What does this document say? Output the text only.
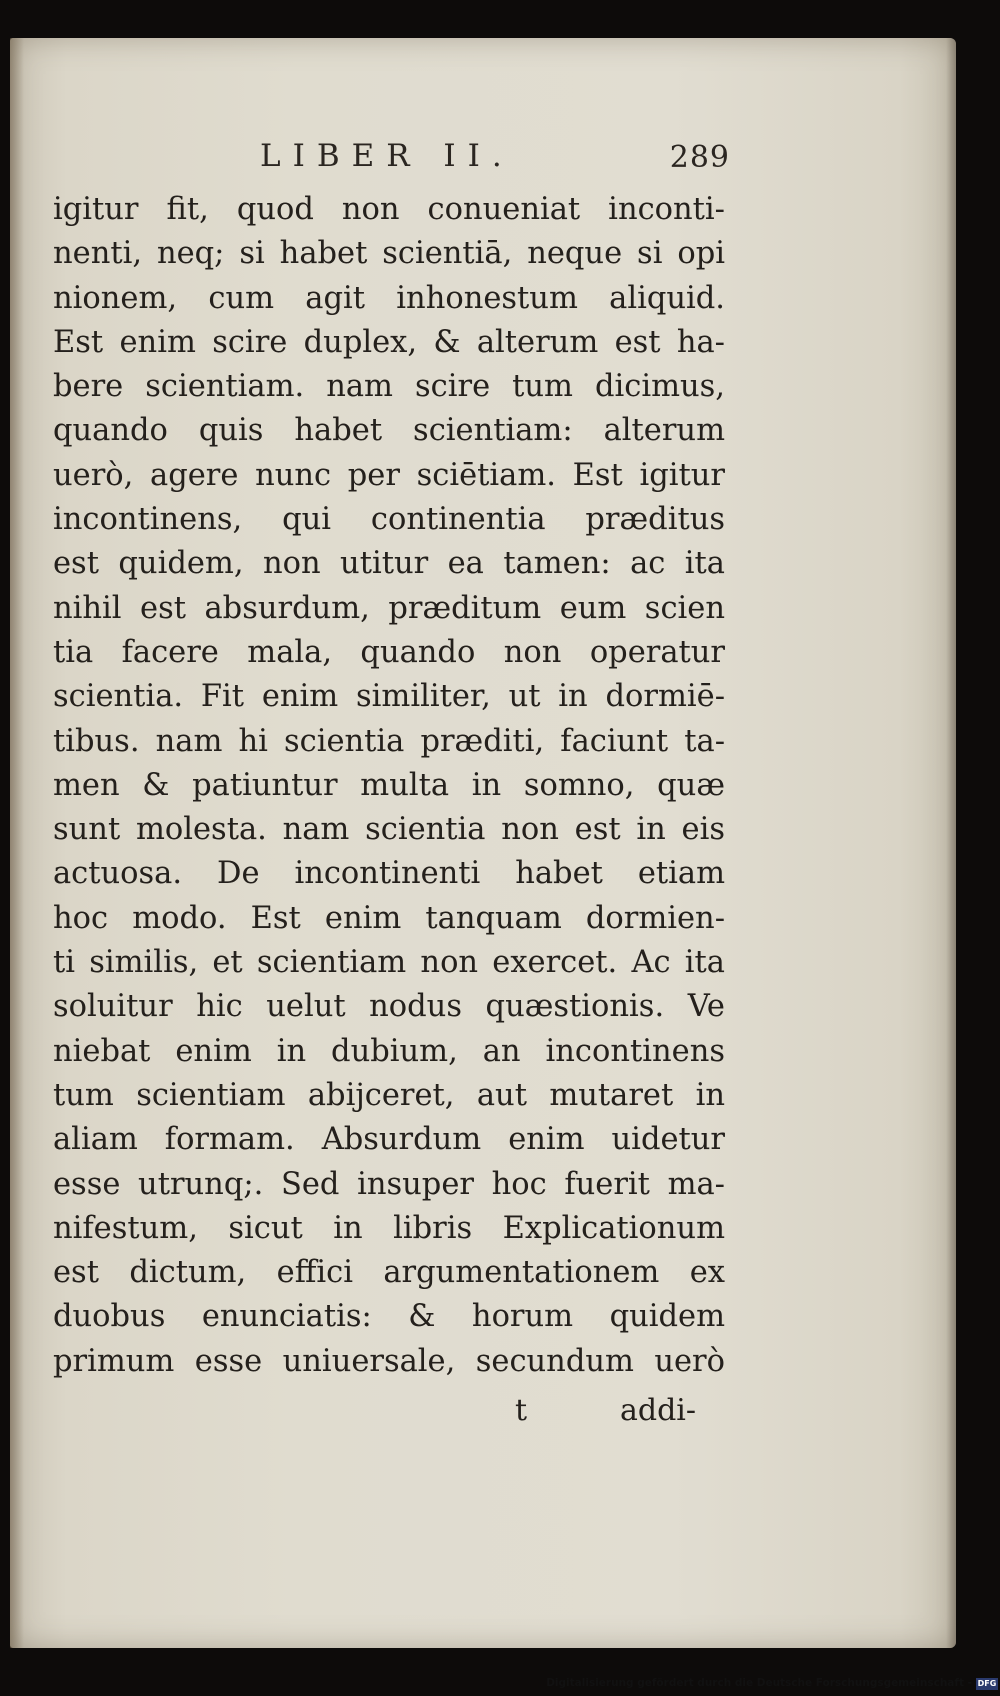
LIBER II.	289
igitur fit, quod non conueniat inconti-
nenti, neq; si habet scientiā, neque si opi
nionem, cum agit inhonestum aliquid.
Est enim scire duplex, & alterum est ha-
bere scientiam. nam scire tum dicimus,
quando quis habet scientiam: alterum
uerò, agere nunc per sciētiam. Est igitur
incontinens, qui continentia præditus
est quidem, non utitur ea tamen: ac ita
nihil est absurdum, præditum eum scien
tia facere mala, quando non operatur
scientia. Fit enim similiter, ut in dormiē-
tibus. nam hi scientia præditi, faciunt ta-
men & patiuntur multa in somno, quæ
sunt molesta. nam scientia non est in eis
actuosa. De incontinenti habet etiam
hoc modo. Est enim tanquam dormien-
ti similis, et scientiam non exercet. Ac ita
soluitur hic uelut nodus quæstionis. Ve
niebat enim in dubium, an incontinens
tum scientiam abijceret, aut mutaret in
aliam formam. Absurdum enim uidetur
esse utrunq;. Sed insuper hoc fuerit ma-
nifestum, sicut in libris Explicationum
est dictum, effici argumentationem ex
duobus enunciatis: & horum quidem
primum esse uniuersale, secundum uerò
t	addi-
Digitalisierung gefördert durch die Deutsche Forschungsgemeinschaft - DFG
